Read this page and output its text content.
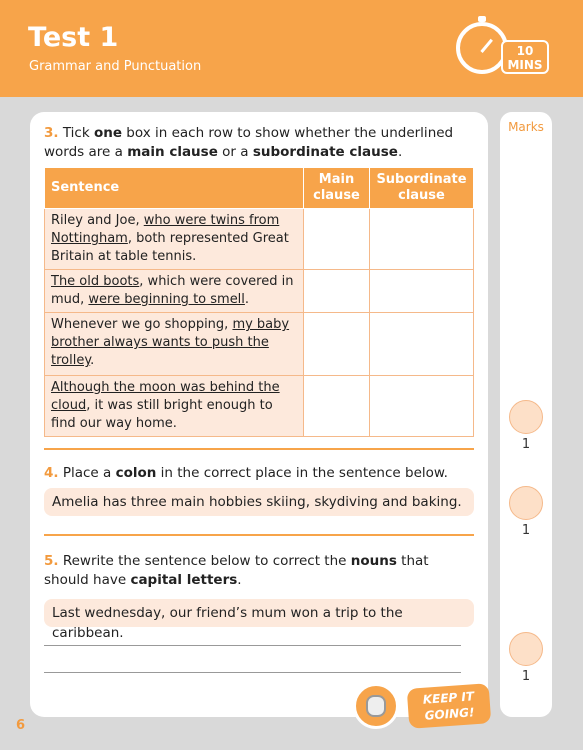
Test 1
Grammar and Punctuation
10
MINS
Marks
1
1
1
3. Tick one box in each row to show whether the underlined words are a main clause or a subordinate clause.
Sentence	Main clause	Subordinate clause
Riley and Joe, who were twins from Nottingham, both represented Great Britain at table tennis.		
The old boots, which were covered in mud, were beginning to smell.		
Whenever we go shopping, my baby brother always wants to push the trolley.		
Although the moon was behind the cloud, it was still bright enough to find our way home.		
4. Place a colon in the correct place in the sentence below.
Amelia has three main hobbies skiing, skydiving and baking.
5. Rewrite the sentence below to correct the nouns that should have capital letters.
Last wednesday, our friend’s mum won a trip to the caribbean.
6
KEEP IT
GOING!
